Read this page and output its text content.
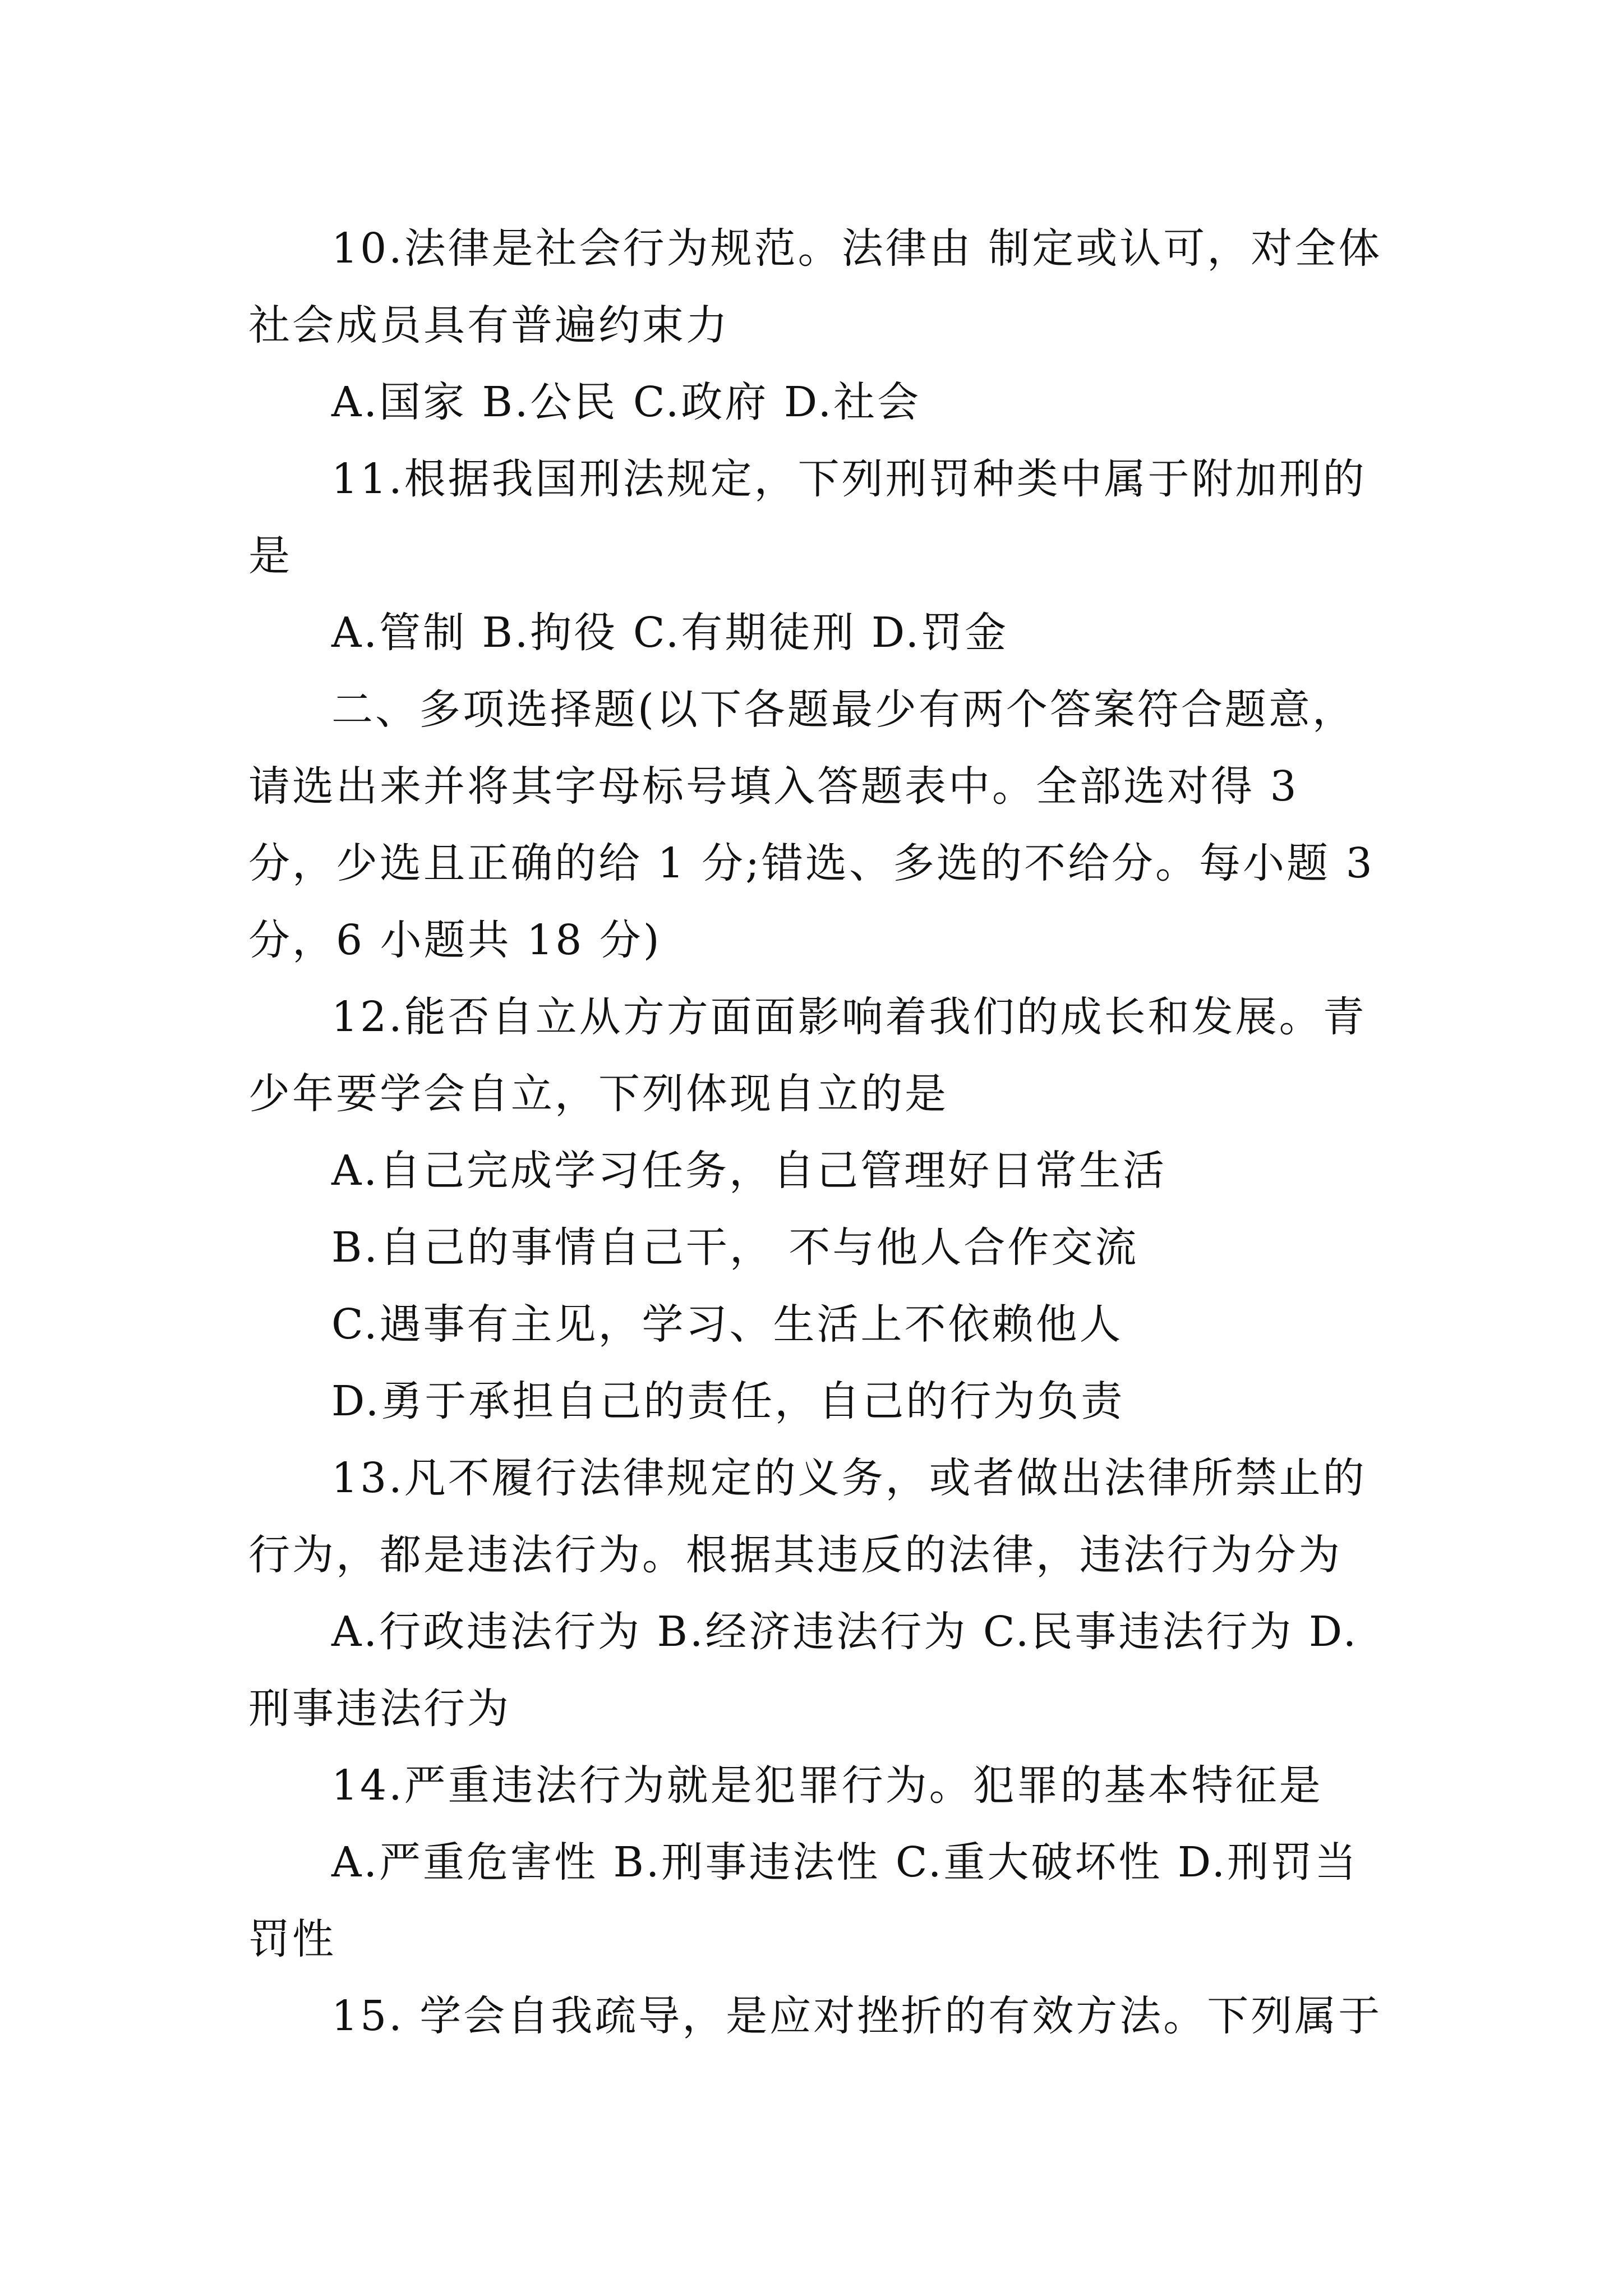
10.法律是社会行为规范。法律由 制定或认可，对全体社会成员具有普遍约束力

A.国家 B.公民 C.政府 D.社会

11.根据我国刑法规定，下列刑罚种类中属于附加刑的是

A.管制 B.拘役 C.有期徒刑 D.罚金

二、多项选择题(以下各题最少有两个答案符合题意，请选出来并将其字母标号填入答题表中。全部选对得 3 分，少选且正确的给 1 分;错选、多选的不给分。每小题 3 分，6 小题共 18 分)

12.能否自立从方方面面影响着我们的成长和发展。青少年要学会自立，下列体现自立的是

A.自己完成学习任务，自己管理好日常生活

B.自己的事情自己干， 不与他人合作交流

C.遇事有主见，学习、生活上不依赖他人

D.勇于承担自己的责任，自己的行为负责

13.凡不履行法律规定的义务，或者做出法律所禁止的行为，都是违法行为。根据其违反的法律，违法行为分为

A.行政违法行为 B.经济违法行为 C.民事违法行为 D.刑事违法行为

14.严重违法行为就是犯罪行为。犯罪的基本特征是

A.严重危害性 B.刑事违法性 C.重大破坏性 D.刑罚当罚性

15. 学会自我疏导，是应对挫折的有效方法。下列属于
